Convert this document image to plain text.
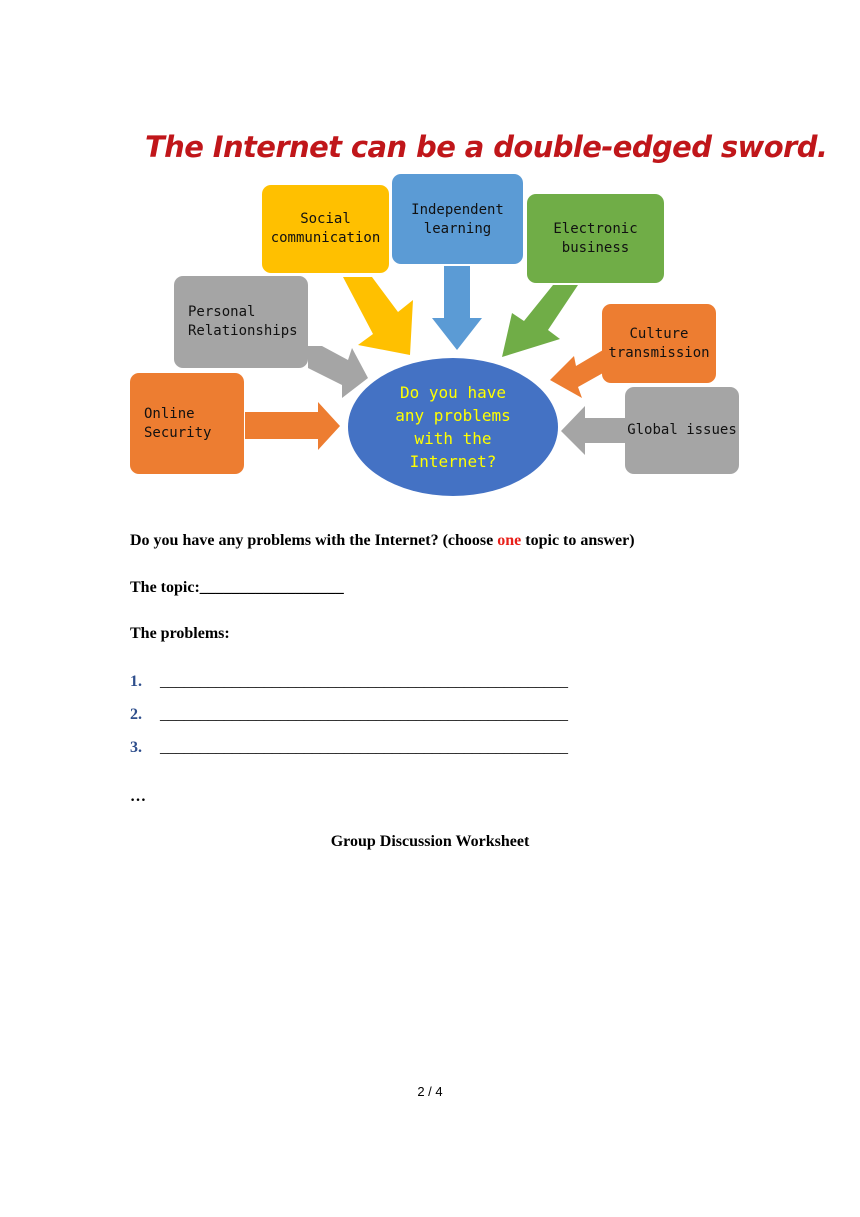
The Internet can be a double-edged sword.
Social
communication
Independent
learning	Electronic
business
Personal
Relationships	Culture
transmission
Online
Security	Global issues
Do you have
any problems
with the
Internet?
Do you have any problems with the Internet? (choose one topic to answer)
The topic:__________________
The problems:
1. ___________________________________________________
2. ___________________________________________________
3. ___________________________________________________
…
Group Discussion Worksheet
2 / 4
